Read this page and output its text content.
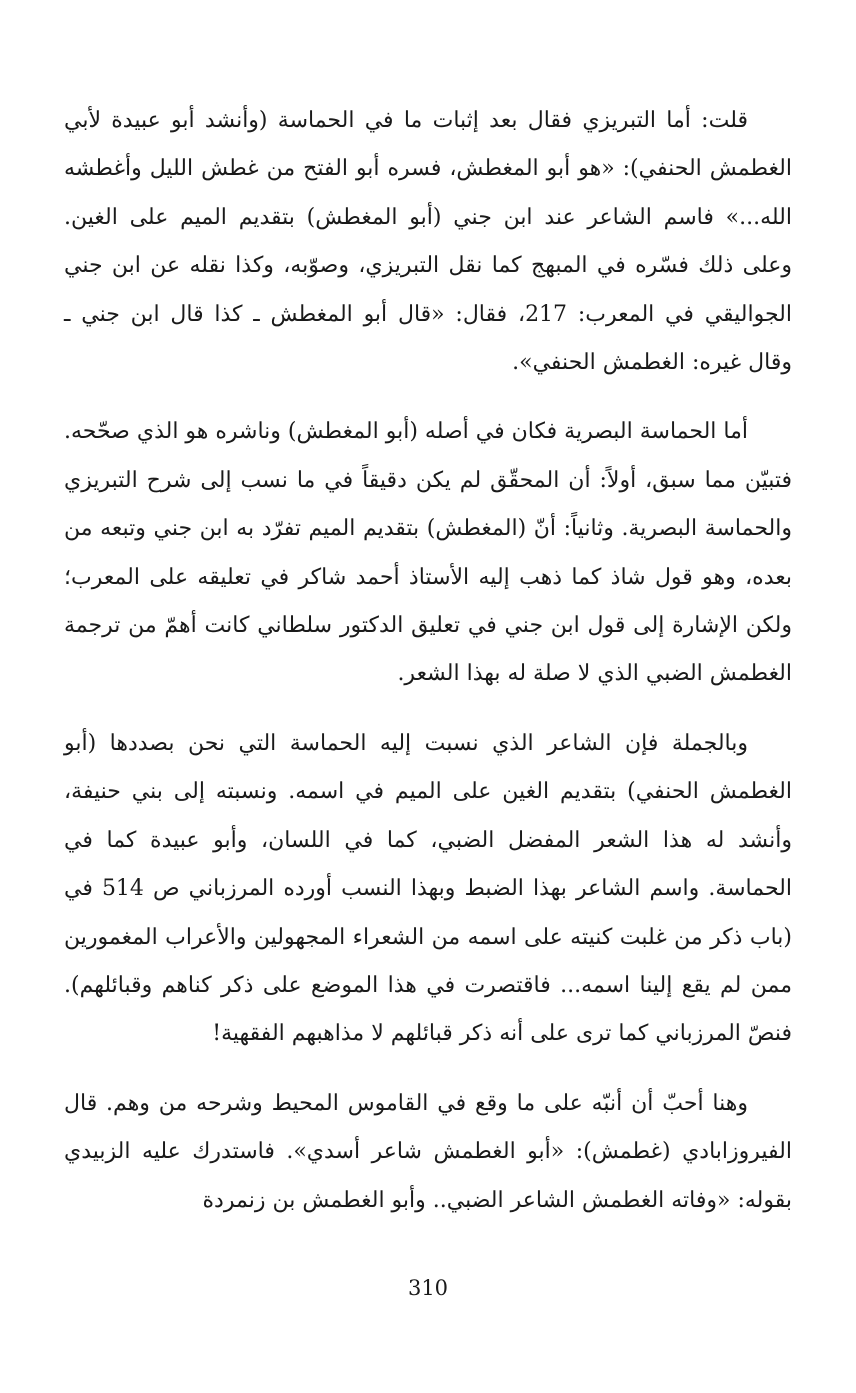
قلت: أما التبريزي فقال بعد إثبات ما في الحماسة (وأنشد أبو عبيدة لأبي الغطمش الحنفي): «هو أبو المغطش، فسره أبو الفتح من غطش الليل وأغطشه الله...» فاسم الشاعر عند ابن جني (أبو المغطش) بتقديم الميم على الغين. وعلى ذلك فسّره في المبهج كما نقل التبريزي، وصوّبه، وكذا نقله عن ابن جني الجواليقي في المعرب: 217، فقال: «قال أبو المغطش ـ كذا قال ابن جني ـ وقال غيره: الغطمش الحنفي».

أما الحماسة البصرية فكان في أصله (أبو المغطش) وناشره هو الذي صحّحه. فتبيّن مما سبق، أولاً: أن المحقّق لم يكن دقيقاً في ما نسب إلى شرح التبريزي والحماسة البصرية. وثانياً: أنّ (المغطش) بتقديم الميم تفرّد به ابن جني وتبعه من بعده، وهو قول شاذ كما ذهب إليه الأستاذ أحمد شاكر في تعليقه على المعرب؛ ولكن الإشارة إلى قول ابن جني في تعليق الدكتور سلطاني كانت أهمّ من ترجمة الغطمش الضبي الذي لا صلة له بهذا الشعر.

وبالجملة فإن الشاعر الذي نسبت إليه الحماسة التي نحن بصددها (أبو الغطمش الحنفي) بتقديم الغين على الميم في اسمه. ونسبته إلى بني حنيفة، وأنشد له هذا الشعر المفضل الضبي، كما في اللسان، وأبو عبيدة كما في الحماسة. واسم الشاعر بهذا الضبط وبهذا النسب أورده المرزباني ص 514 في (باب ذكر من غلبت كنيته على اسمه من الشعراء المجهولين والأعراب المغمورين ممن لم يقع إلينا اسمه... فاقتصرت في هذا الموضع على ذكر كناهم وقبائلهم). فنصّ المرزباني كما ترى على أنه ذكر قبائلهم لا مذاهبهم الفقهية!

وهنا أحبّ أن أنبّه على ما وقع في القاموس المحيط وشرحه من وهم. قال الفيروزابادي (غطمش): «أبو الغطمش شاعر أسدي». فاستدرك عليه الزبيدي بقوله: «وفاته الغطمش الشاعر الضبي.. وأبو الغطمش بن زنمردة

310
